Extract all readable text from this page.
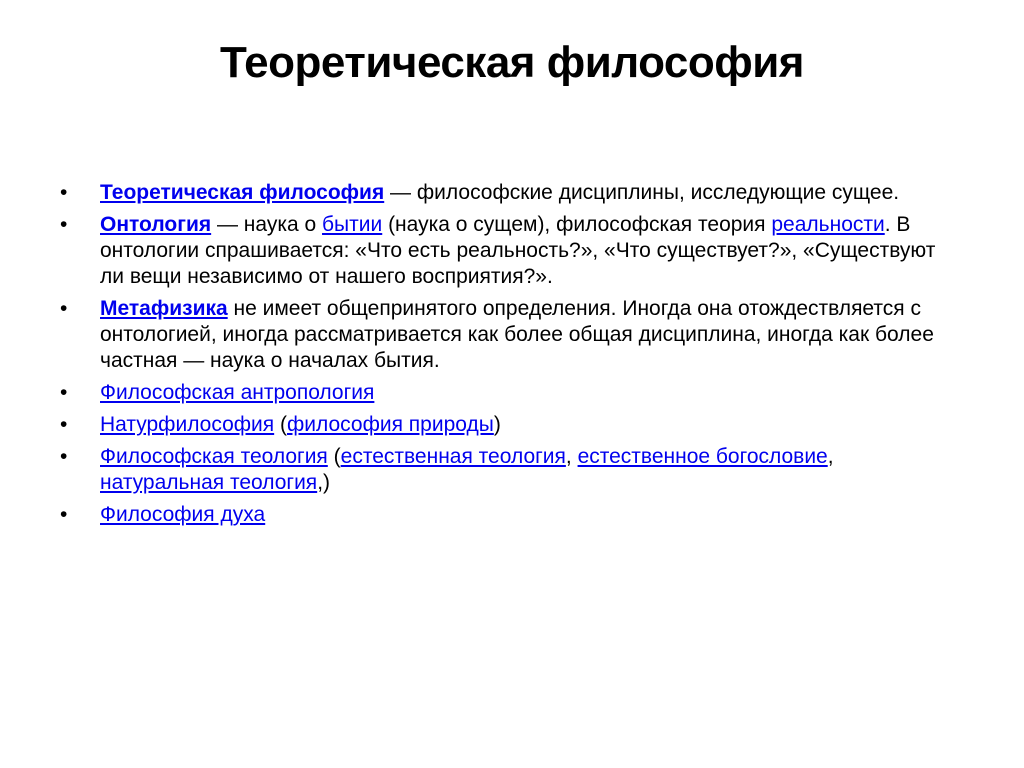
Теоретическая философия
•	Теоретическая философия — философские дисциплины, исследующие сущее.
•	Онтология — наука о бытии (наука о сущем), философская теория реальности. В онтологии спрашивается: «Что есть реальность?», «Что существует?», «Существуют ли вещи независимо от нашего восприятия?».
•	Метафизика не имеет общепринятого определения. Иногда она отождествляется с онтологией, иногда рассматривается как более общая дисциплина, иногда как более частная — наука о началах бытия.
•	Философская антропология
•	Натурфилософия (философия природы)
•	Философская теология (естественная теология, естественное богословие, натуральная теология,)
•	Философия духа
